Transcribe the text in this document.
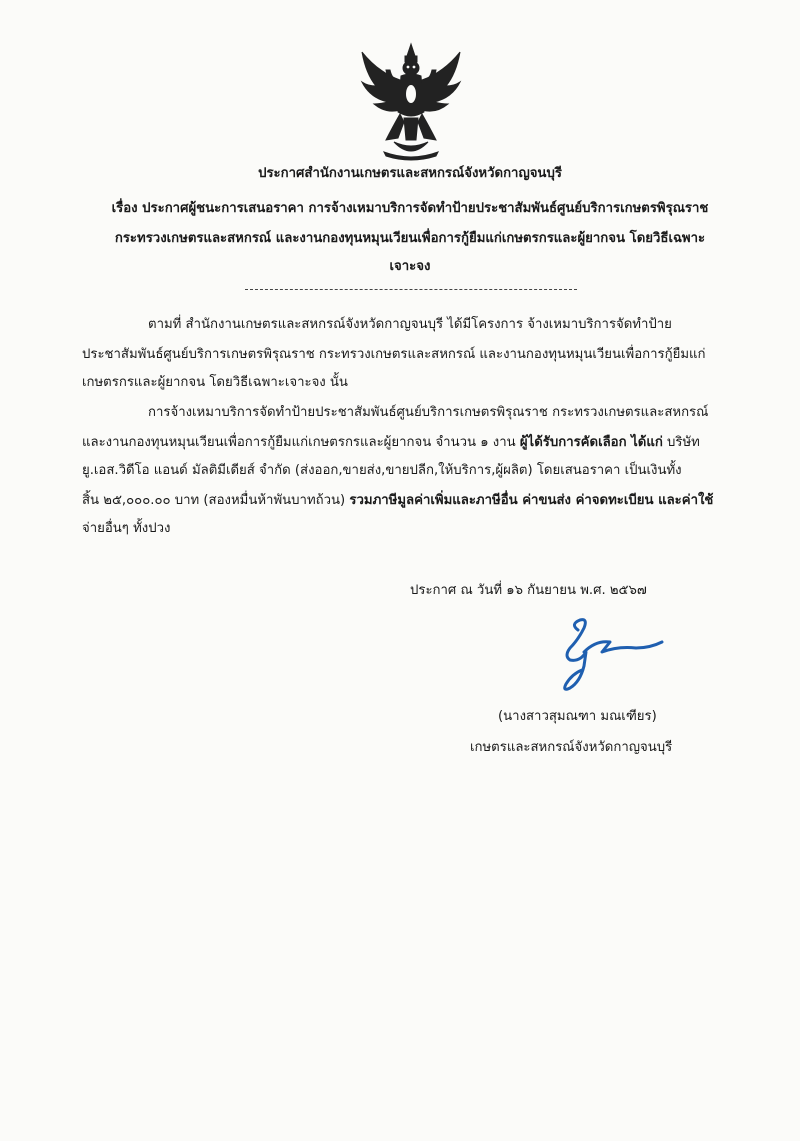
ประกาศสำนักงานเกษตรและสหกรณ์จังหวัดกาญจนบุรี
เรื่อง ประกาศผู้ชนะการเสนอราคา การจ้างเหมาบริการจัดทำป้ายประชาสัมพันธ์ศูนย์บริการเกษตรพิรุณราช
กระทรวงเกษตรและสหกรณ์ และงานกองทุนหมุนเวียนเพื่อการกู้ยืมแก่เกษตรกรและผู้ยากจน โดยวิธีเฉพาะ
เจาะจง
ตามที่ สำนักงานเกษตรและสหกรณ์จังหวัดกาญจนบุรี ได้มีโครงการ จ้างเหมาบริการจัดทำป้าย
ประชาสัมพันธ์ศูนย์บริการเกษตรพิรุณราช กระทรวงเกษตรและสหกรณ์ และงานกองทุนหมุนเวียนเพื่อการกู้ยืมแก่
เกษตรกรและผู้ยากจน โดยวิธีเฉพาะเจาะจง นั้น
การจ้างเหมาบริการจัดทำป้ายประชาสัมพันธ์ศูนย์บริการเกษตรพิรุณราช กระทรวงเกษตรและสหกรณ์
และงานกองทุนหมุนเวียนเพื่อการกู้ยืมแก่เกษตรกรและผู้ยากจน จำนวน ๑ งาน ผู้ได้รับการคัดเลือก ได้แก่ บริษัท
ยู.เอส.วิดีโอ แอนด์ มัลติมีเดียส์ จำกัด (ส่งออก,ขายส่ง,ขายปลีก,ให้บริการ,ผู้ผลิต) โดยเสนอราคา เป็นเงินทั้ง
สิ้น ๒๕,๐๐๐.๐๐ บาท (สองหมื่นห้าพันบาทถ้วน) รวมภาษีมูลค่าเพิ่มและภาษีอื่น ค่าขนส่ง ค่าจดทะเบียน และค่าใช้
จ่ายอื่นๆ ทั้งปวง
ประกาศ ณ วันที่ ๑๖ กันยายน พ.ศ. ๒๕๖๗
(นางสาวสุมณฑา มณเฑียร)
เกษตรและสหกรณ์จังหวัดกาญจนบุรี
